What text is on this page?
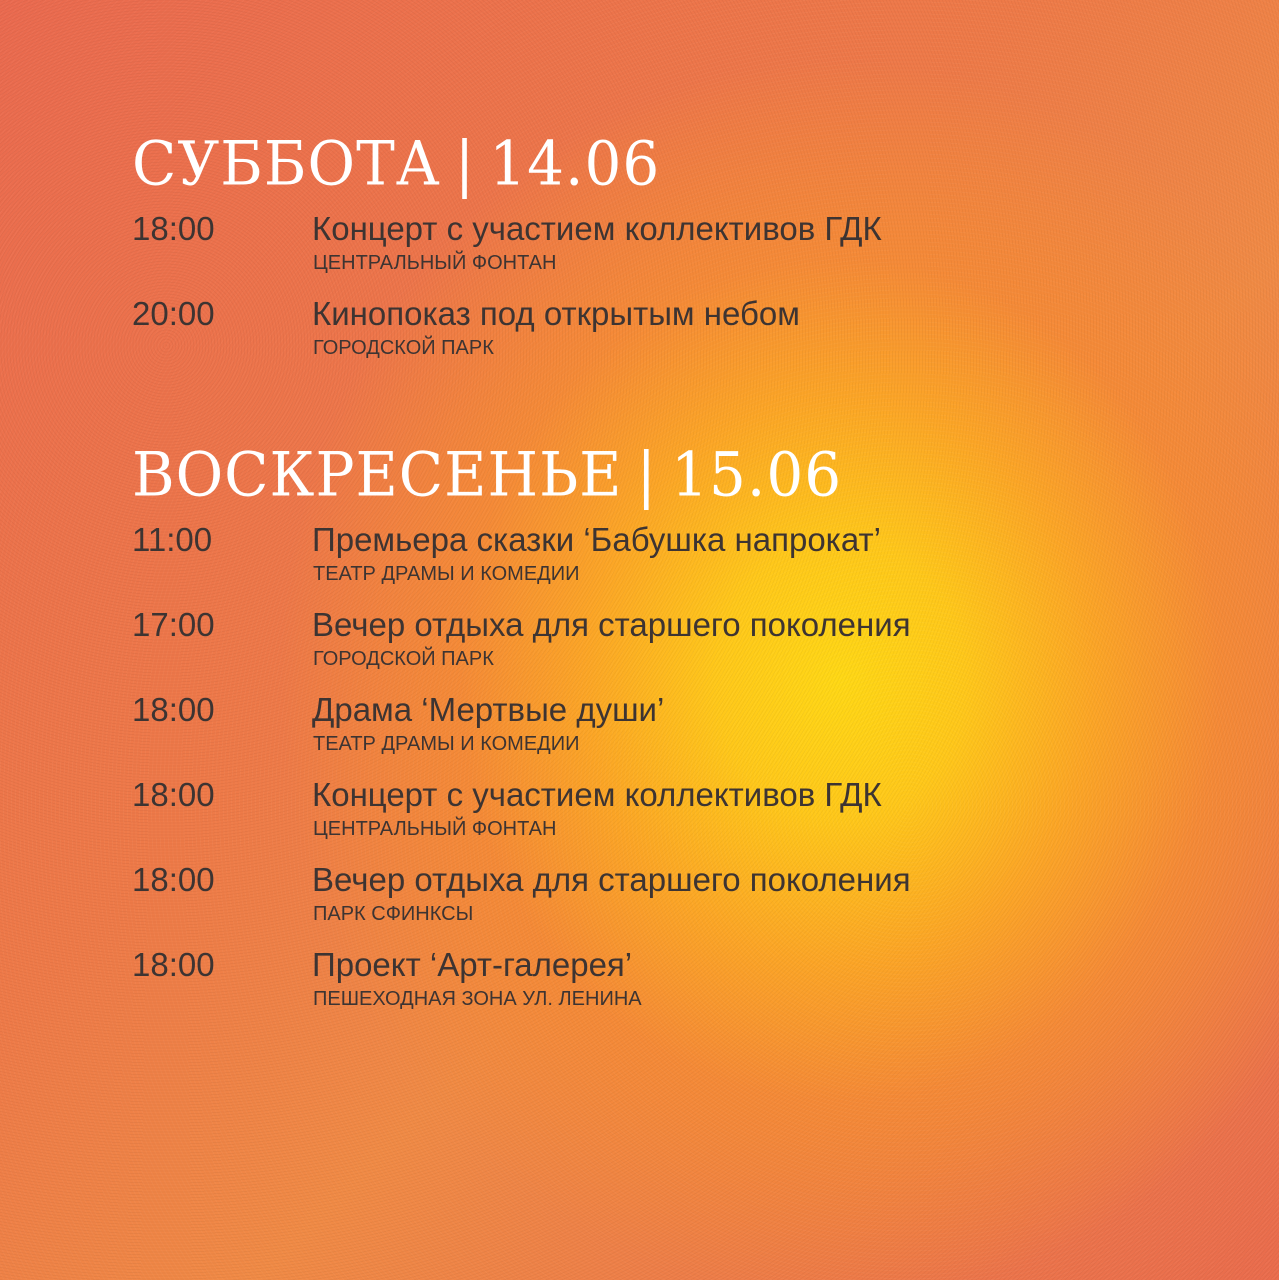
СУББОТА | 14.06
18:00	Концерт с участием коллективов ГДК
ЦЕНТРАЛЬНЫЙ ФОНТАН
20:00	Кинопоказ под открытым небом
ГОРОДСКОЙ ПАРК
ВОСКРЕСЕНЬЕ | 15.06
11:00	Премьера сказки ‘Бабушка напрокат’
ТЕАТР ДРАМЫ И КОМЕДИИ
17:00	Вечер отдыха для старшего поколения
ГОРОДСКОЙ ПАРК
18:00	Драма ‘Мертвые души’
ТЕАТР ДРАМЫ И КОМЕДИИ
18:00	Концерт с участием коллективов ГДК
ЦЕНТРАЛЬНЫЙ ФОНТАН
18:00	Вечер отдыха для старшего поколения
ПАРК СФИНКСЫ
18:00	Проект ‘Арт-галерея’
ПЕШЕХОДНАЯ ЗОНА УЛ. ЛЕНИНА
